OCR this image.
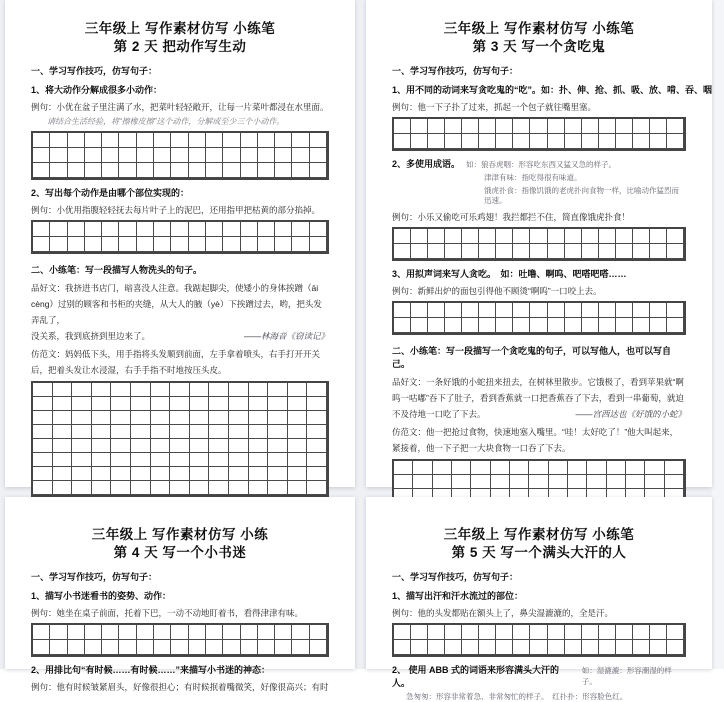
三年级上 写作素材仿写 小练笔
第 2 天 把动作写生动
一、学习写作技巧，仿写句子：
1、将大动作分解成很多小动作：
例句：小优在盆子里注满了水，把菜叶轻轻敞开，让每一片菜叶都浸在水里面。
请结合生活经验，将“擦橡皮擦”这个动作，分解成至少三个小动作。
2、写出每个动作是由哪个部位实现的：
例句：小优用指腹轻轻抚去每片叶子上的泥巴，还用指甲把枯黄的部分掐掉。
二、小练笔：写一段描写人物洗头的句子。
品好文：我挤进书店门，暗喜没人注意。我踮起脚尖，使矮小的身体挨蹭（āi cèng）过别的顾客和书柜的夹缝，从大人的腋（yè）下挨蹭过去，哟，把头发弄乱了，
没关系，我到底挤到里边来了。	——林海音《窃读记》
仿范文：妈妈低下头，用手指将头发顺到前面，左手拿着喷头，右手打开开关后，把着头发让水浸湿，右手手指不时地按压头皮。
三年级上 写作素材仿写 小练笔
第 3 天 写一个贪吃鬼
一、学习写作技巧，仿写句子：
1、用不同的动词来写贪吃鬼的“吃”。如：扑、伸、抢、抓、吸、放、啃、吞、咽
例句：他一下子扑了过来，抓起一个包子就往嘴里塞。
2、多使用成语。 如：狼吞虎咽：形容吃东西又猛又急的样子。
津津有味：指吃得很有味道。
饿虎扑食：指像饥饿的老虎扑向食物一样，比喻动作猛烈而迅速。
例句：小乐又偷吃可乐鸡翅！我拦都拦不住，简直像饿虎扑食！
3、用拟声词来写人贪吃。　如：吐噜、啊呜、吧嗒吧嗒……
例句：新鲜出炉的面包引得他不顾烫“啊呜”一口咬上去。
二、小练笔：写一段描写一个贪吃鬼的句子，可以写他人，也可以写自己。
品好文：一条好饿的小蛇扭来扭去，在树林里散步。它饿极了，看到苹果就“啊呜一咕嘟”吞下了肚子，看到香蕉就一口把香蕉吞了下去，看到一串葡萄，就迫
不及待地一口吃了下去。	——宫西达也《好饿的小蛇》
仿范文：他一把抢过食物，快速地塞入嘴里。“哇！太好吃了！”他大叫起来，紧接着，他一下子把一大块食物一口吞了下去。
三年级上 写作素材仿写 小练
第 4 天 写一个小书迷
一、学习写作技巧，仿写句子：
1、描写小书迷看书的姿势、动作：
例句：她坐在桌子前面，托着下巴，一动不动地盯着书，看得津津有味。
2、用排比句“有时候……有时候……”来描写小书迷的神态：
例句：他有时候皱紧眉头，好像很担心；有时候抿着嘴微笑，好像很高兴；有时
三年级上 写作素材仿写 小练笔
第 5 天 写一个满头大汗的人
一、学习写作技巧，仿写句子：
1、描写出汗和汗水流过的部位：
例句：他的头发都贴在额头上了，鼻尖湿漉漉的，全是汗。
2、 使用 ABB 式的词语来形容满头大汗的人。
如：湿漉漉：形容潮湿的样子。
急匆匆：形容非常着急、非常匆忙的样子。　红扑扑：形容脸色红。
